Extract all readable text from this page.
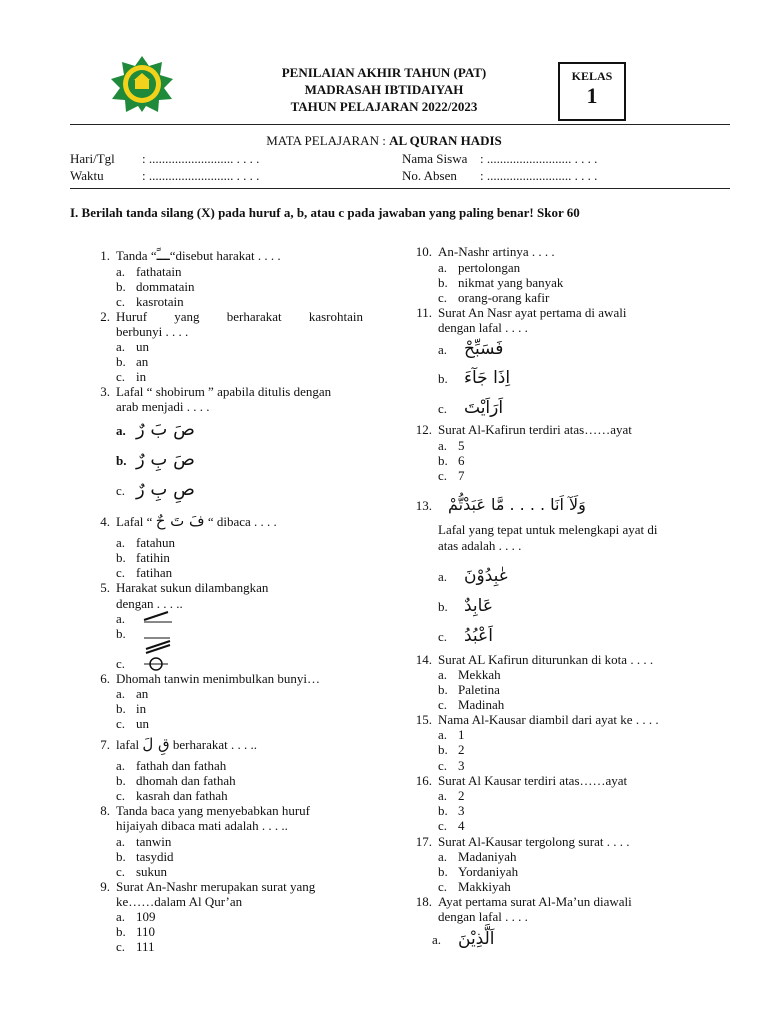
PENILAIAN AKHIR TAHUN (PAT)
MADRASAH IBTIDAIYAH
TAHUN PELAJARAN 2022/2023
KELAS
1
MATA PELAJARAN : AL QURAN HADIS
Hari/Tgl : .......................... . . . .
Waktu	: .......................... . . . .
Nama Siswa : .......................... . . . .
No. Absen : .......................... . . . .
I. Berilah tanda silang (X) pada huruf a, b, atau c pada jawaban yang paling benar! Skor 60
1. Tanda “ـــً“disebut harakat . . . .
a. fathatain
b. dommatain
c. kasrotain
2. Huruf yang berharakat kasrohtain
berbunyi . . . .
a. un
b. an
c. in
3. Lafal “ shobirum ” apabila ditulis dengan
arab menjadi . . . .
a. صَ بَ رٌ
b. صَ بِ رٌ
c. صِ بِ رٌ
4. Lafal “ فَ تَ حٌ “ dibaca . . . .
a. fatahun
b. fatihin
c. fatihan
5. Harakat sukun dilambangkan
dengan . . . ..
a.
b.
c.
6. Dhomah tanwin menimbulkan bunyi…
a. an
b. in
c. un
7. lafal قِ لَ berharakat . . . ..
a. fathah dan fathah
b. dhomah dan fathah
c. kasrah dan fathah
8. Tanda baca yang menyebabkan huruf
hijaiyah dibaca mati adalah . . . ..
a. tanwin
b. tasydid
c. sukun
9. Surat An-Nashr merupakan surat yang
ke……dalam Al Qur’an
a. 109
b. 110
c. 111
10. An-Nashr artinya . . . .
a. pertolongan
b. nikmat yang banyak
c. orang-orang kafir
11. Surat An Nasr ayat pertama di awali
dengan lafal . . . .
a. فَسَبِّحْ
b. اِذَا جَآءَ
c. اَرَاَيْتَ
12. Surat Al-Kafirun terdiri atas……ayat
a. 5
b. 6
c. 7
13. وَلَآ اَنَا . . . . مَّا عَبَدْتُّمْ
Lafal yang tepat untuk melengkapi ayat di
atas adalah . . . .
a. عٰبِدُوْنَ
b. عَابِدٌ
c. اَعْبُدُ
14. Surat AL Kafirun diturunkan di kota . . . .
a. Mekkah
b. Paletina
c. Madinah
15. Nama Al-Kausar diambil dari ayat ke . . . .
a. 1
b. 2
c. 3
16. Surat Al Kausar terdiri atas……ayat
a. 2
b. 3
c. 4
17. Surat Al-Kausar tergolong surat . . . .
a. Madaniyah
b. Yordaniyah
c. Makkiyah
18. Ayat pertama surat Al-Ma’un diawali
dengan lafal . . . .
a. اَلَّذِيْنَ
